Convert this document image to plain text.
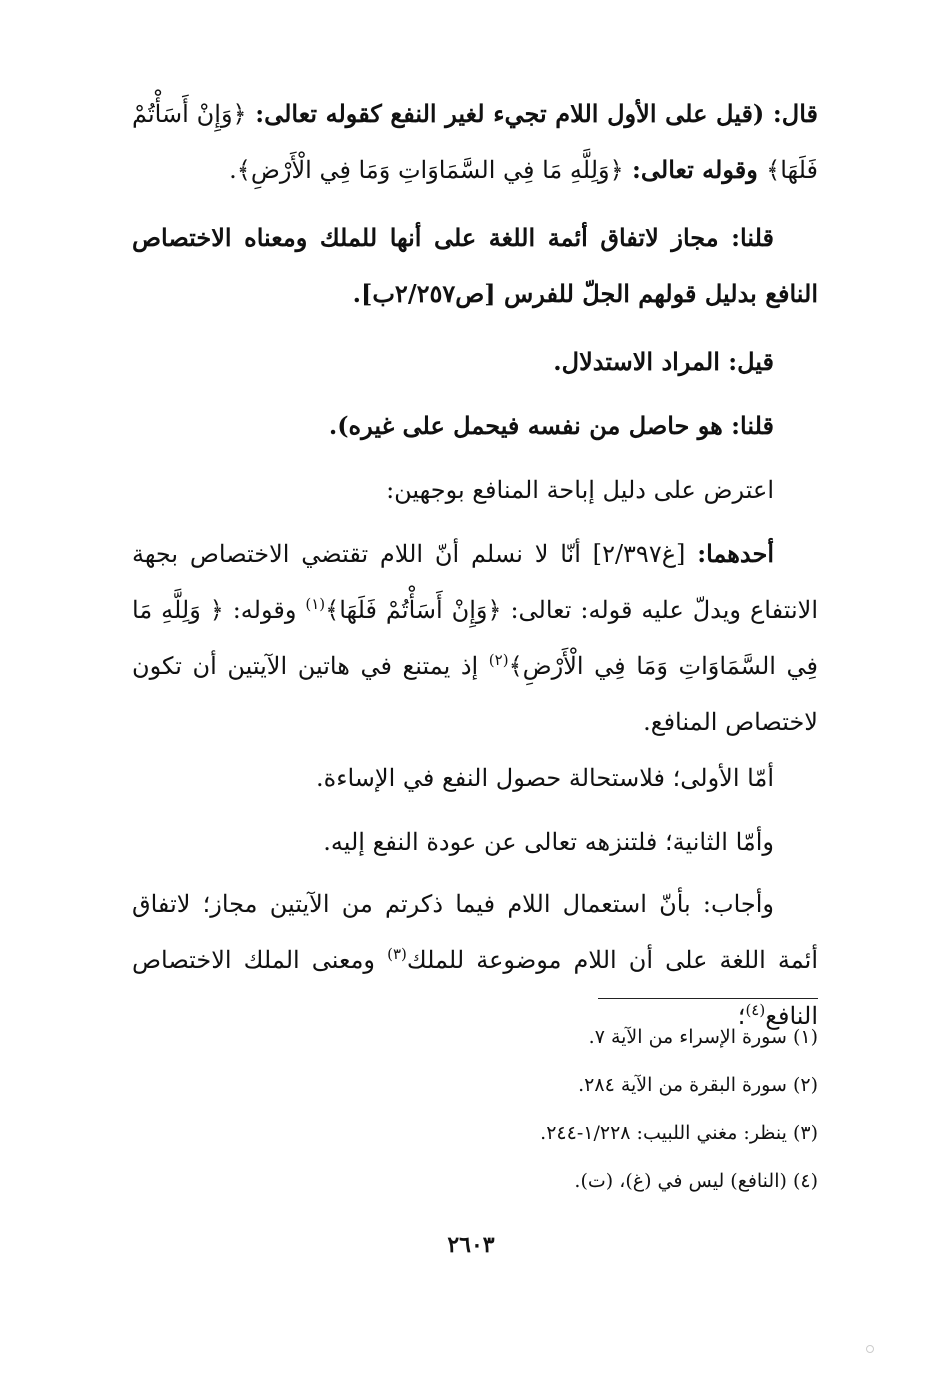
قال: (قيل على الأول اللام تجيء لغير النفع كقوله تعالى: ﴿وَإِنْ أَسَأْتُمْ فَلَهَا﴾ وقوله تعالى: ﴿وَلِلَّهِ مَا فِي السَّمَاوَاتِ وَمَا فِي الْأَرْضِ﴾.

قلنا: مجاز لاتفاق أئمة اللغة على أنها للملك ومعناه الاختصاص النافع بدليل قولهم الجلّ للفرس [ص٢/٢٥٧ب].

قيل: المراد الاستدلال.

قلنا: هو حاصل من نفسه فيحمل على غيره).

اعترض على دليل إباحة المنافع بوجهين:

أحدهما: [غ٢/٣٩٧] أنّا لا نسلم أنّ اللام تقتضي الاختصاص بجهة الانتفاع ويدلّ عليه قوله: تعالى: ﴿وَإِنْ أَسَأْتُمْ فَلَهَا﴾$^{(١)}$ وقوله: ﴿ وَلِلَّهِ مَا فِي السَّمَاوَاتِ وَمَا فِي الْأَرْضِ﴾$^{(٢)}$ إذ يمتنع في هاتين الآيتين أن تكون لاختصاص المنافع.

أمّا الأولى؛ فلاستحالة حصول النفع في الإساءة.

وأمّا الثانية؛ فلتنزهه تعالى عن عودة النفع إليه.

وأجاب: بأنّ استعمال اللام فيما ذكرتم من الآيتين مجاز؛ لاتفاق أئمة اللغة على أن اللام موضوعة للملك$^{(٣)}$ ومعنى الملك الاختصاص النافع$^{(٤)}$؛

(١) سورة الإسراء من الآية ٧.

(٢) سورة البقرة من الآية ٢٨٤.

(٣) ينظر: مغني اللبيب: ١/٢٢٨-٢٤٤.

(٤) (النافع) ليس في (غ)، (ت).

٢٦٠٣
